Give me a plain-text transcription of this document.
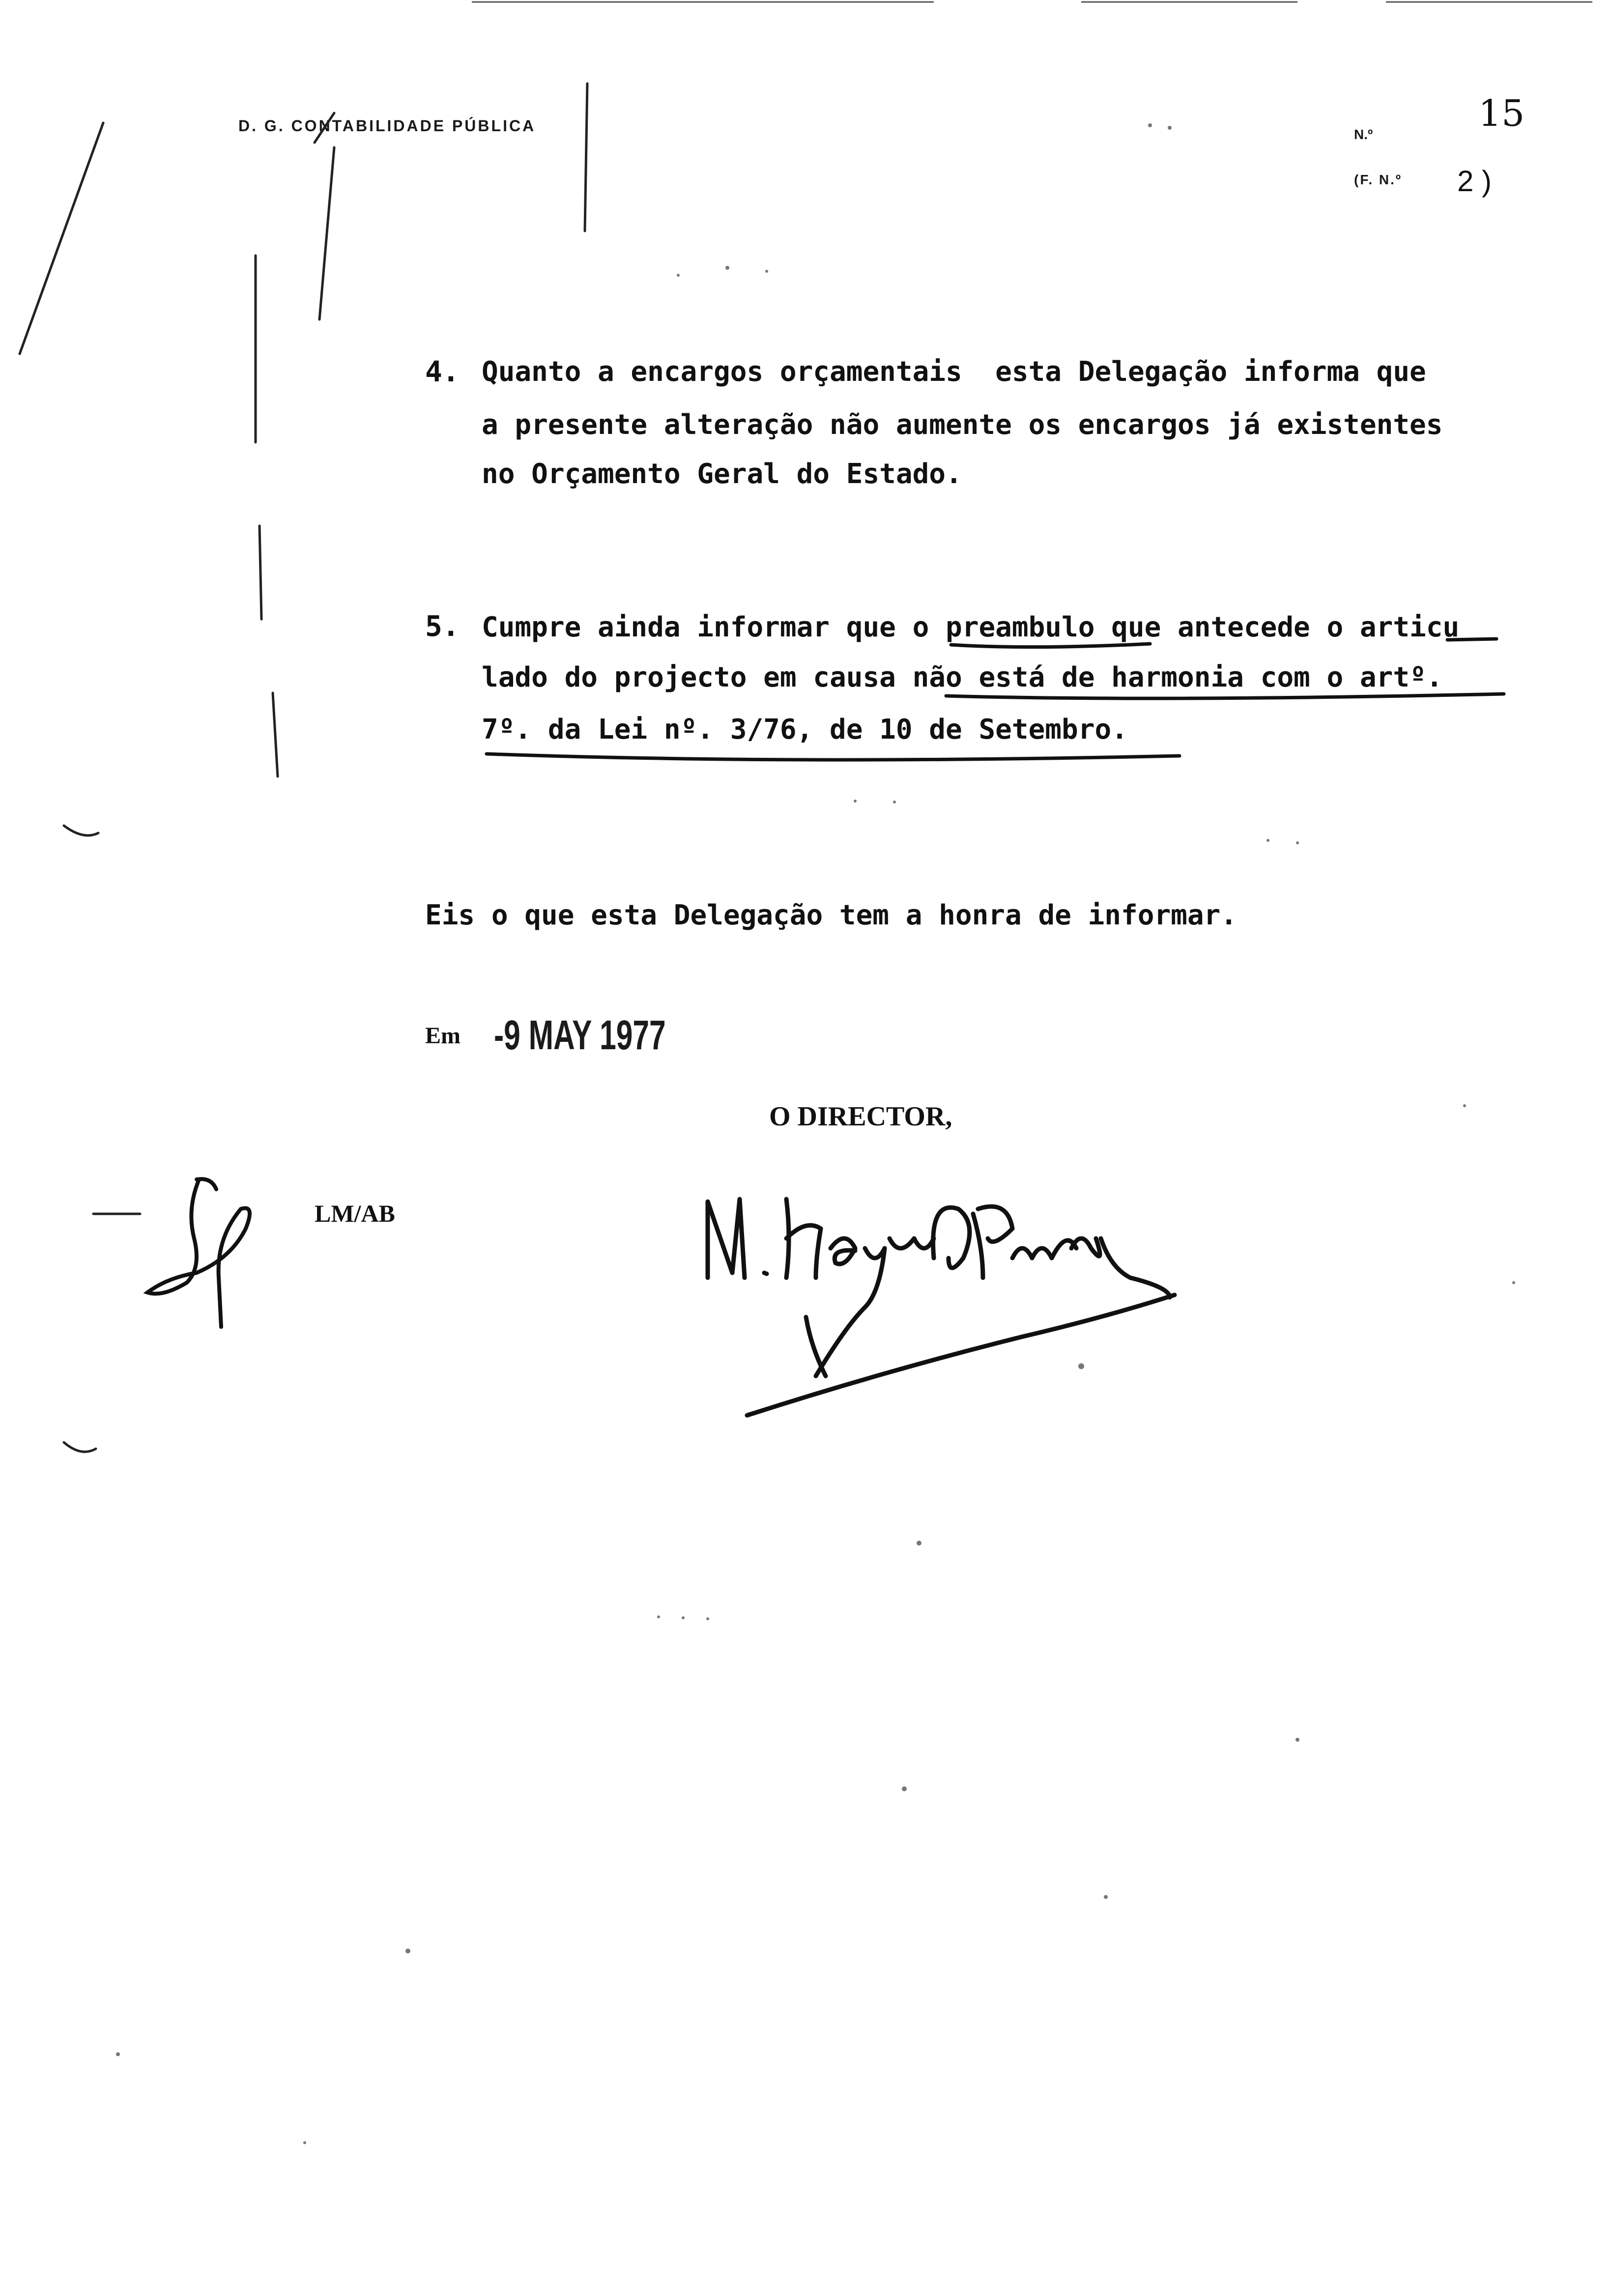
D. G. CONTABILIDADE PÚBLICA	N.º	15
(F. N.º 2 )
4. Quanto a encargos orçamentais  esta Delegação informa que
a presente alteração não aumente os encargos já existentes
no Orçamento Geral do Estado.
5. Cumpre ainda informar que o preambulo que antecede o articu
lado do projecto em causa não está de harmonia com o artº.
7º. da Lei nº. 3/76, de 10 de Setembro.
Eis o que esta Delegação tem a honra de informar.
Em -9 MAY 1977
O DIRECTOR,
LM/AB
